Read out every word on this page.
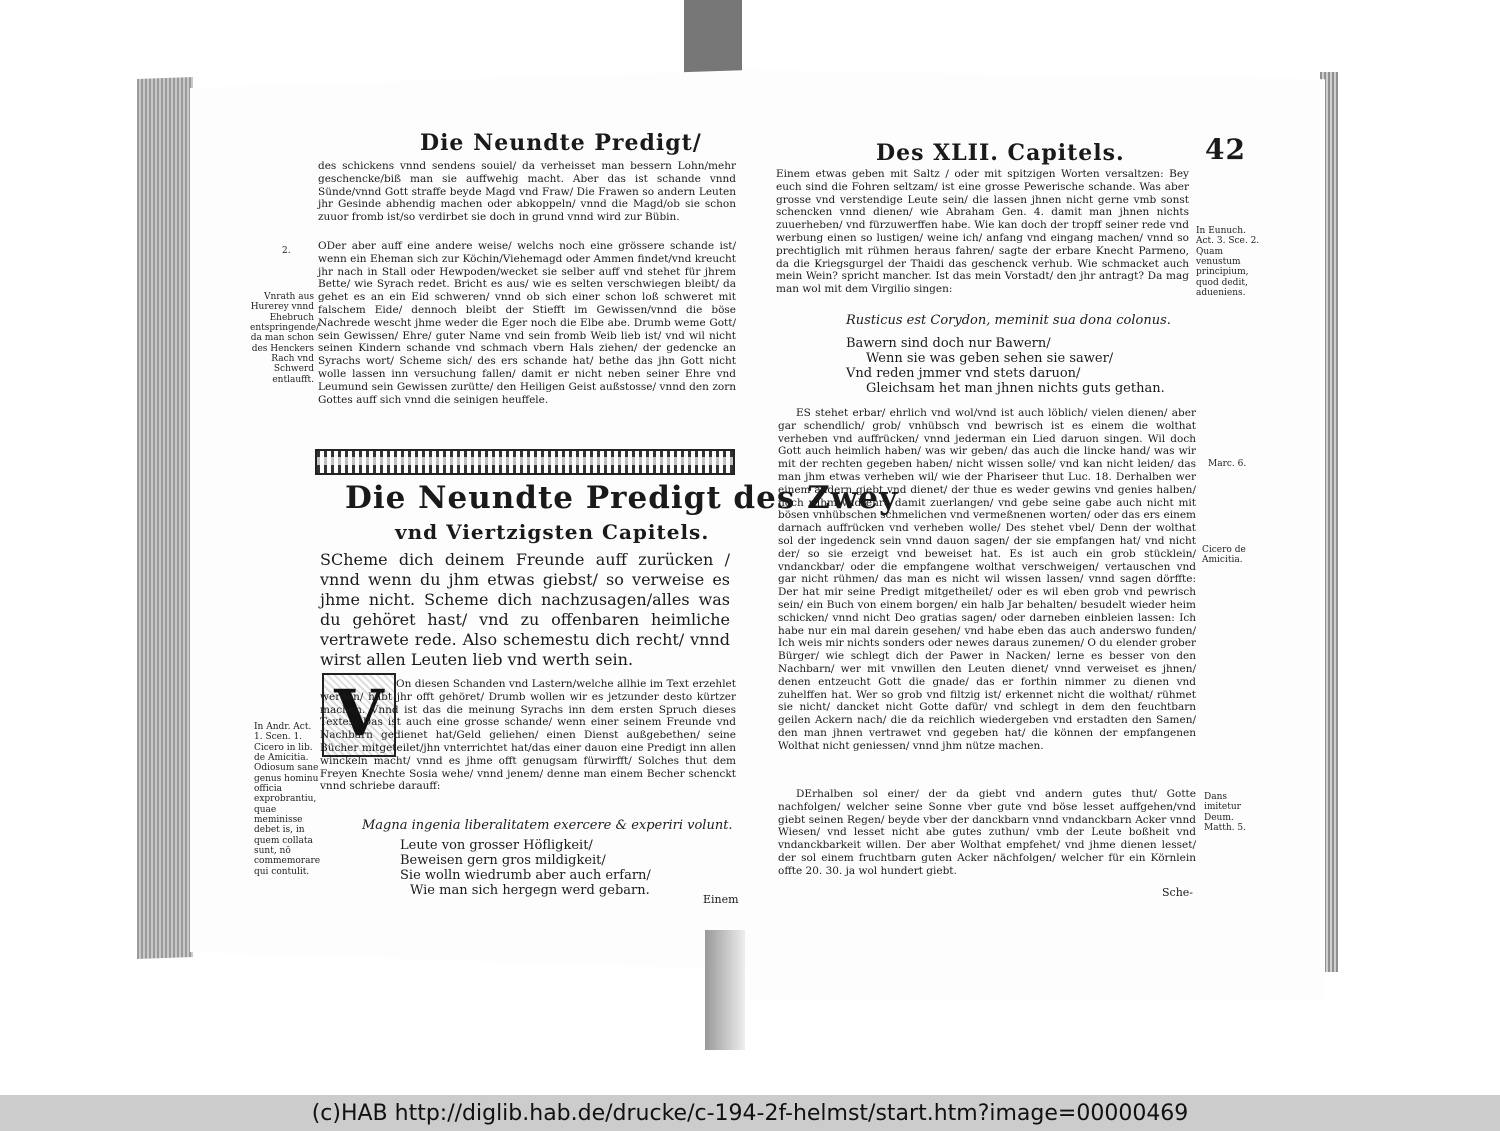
Die Neundte Predigt/
des schickens vnnd sendens souiel/ da verheisset man bessern Lohn/mehr geschencke/biß man sie auffwehig macht. Aber das ist schande vnnd Sünde/vnnd Gott straffe beyde Magd vnd Fraw/ Die Frawen so andern Leuten jhr Gesinde abhendig machen oder abkoppeln/ vnnd die Magd/ob sie schon zuuor fromb ist/so verdirbet sie doch in grund vnnd wird zur Bübin.
2.	ODer aber auff eine andere weise/ welchs noch eine grössere schande ist/ wenn ein Eheman sich zur Köchin/Viehemagd oder Ammen findet/vnd kreucht jhr nach in Stall oder Hewpoden/wecket sie selber auff vnd stehet für jhrem Bette/ wie Syrach redet. Bricht es aus/ wie es selten verschwiegen bleibt/ da gehet es an ein Eid schweren/ vnnd ob sich einer schon loß schweret mit falschem Eide/ dennoch bleibt der Stiefft im Gewissen/vnnd die böse Nachrede wescht jhme weder die Eger noch die Elbe abe. Drumb weme Gott/ sein Gewissen/ Ehre/ guter Name vnd sein fromb Weib lieb ist/ vnd wil nicht seinen Kindern schande vnd schmach vbern Hals ziehen/ der gedencke an Syrachs wort/ Scheme sich/ des ers schande hat/ bethe das jhn Gott nicht wolle lassen inn versuchung fallen/ damit er nicht neben seiner Ehre vnd Leumund sein Gewissen zurütte/ den Heiligen Geist außstosse/ vnnd den zorn Gottes auff sich vnnd die seinigen heuffele.
Vnrath aus Hurerey vnnd Ehebruch entspringende/ da man schon des Henckers Rach vnd Schwerd entlaufft.
Die Neundte Predigt des Zwey
vnd Viertzigsten Capitels.
SCheme dich deinem Freunde auff zurücken / vnnd wenn du jhm etwas giebst/ so verweise es jhme nicht. Scheme dich nachzusagen/alles was du gehöret hast/ vnd zu offenbaren heimliche vertrawete rede. Also schemestu dich recht/ vnnd wirst allen Leuten lieb vnd werth sein.
V	On diesen Schanden vnd Lastern/welche allhie im Text erzehlet werden/ habt jhr offt gehöret/ Drumb wollen wir es jetzunder desto kürtzer machen. Vnnd ist das die meinung Syrachs inn dem ersten Spruch dieses Textes: Das ist auch eine grosse schande/ wenn einer seinem Freunde vnd Nachbarn gedienet hat/Geld geliehen/ einen Dienst außgebethen/ seine Bücher mitgeteilet/jhn vnterrichtet hat/das einer dauon eine Predigt inn allen winckeln macht/ vnnd es jhme offt genugsam fürwirfft/ Solches thut dem Freyen Knechte Sosia wehe/ vnnd jenem/ denne man einem Becher schenckt vnnd schriebe darauff:
In Andr. Act. 1. Scen. 1. Cicero in lib. de Amicitia. Odiosum sane genus hominu officia exprobrantiu, quae meminisse debet is, in quem collata sunt, nō commemorare qui contulit.
Magna ingenia liberalitatem exercere & experiri volunt.
Leute von grosser Höfligkeit/
Beweisen gern gros mildigkeit/
Sie wolln wiedrumb aber auch erfarn/
Wie man sich hergegn werd gebarn.
Einem
Des XLII. Capitels.	42
Einem etwas geben mit Saltz / oder mit spitzigen Worten versaltzen: Bey euch sind die Fohren seltzam/ ist eine grosse Pewerische schande. Was aber grosse vnd verstendige Leute sein/ die lassen jhnen nicht gerne vmb sonst schencken vnnd dienen/ wie Abraham Gen. 4. damit man jhnen nichts zuuerheben/ vnd fürzuwerffen habe. Wie kan doch der tropff seiner rede vnd werbung einen so lustigen/ weine ich/ anfang vnd eingang machen/ vnnd so prechtiglich mit rühmen heraus fahren/ sagte der erbare Knecht Parmeno, da die Kriegsgurgel der Thaidi das geschenck verhub. Wie schmacket auch mein Wein? spricht mancher. Ist das mein Vorstadt/ den jhr antragt? Da mag man wol mit dem Virgilio singen:
In Eunuch. Act. 3. Sce. 2. Quam venustum principium, quod dedit, adueniens.
Rusticus est Corydon, meminit sua dona colonus.
Bawern sind doch nur Bawern/
Wenn sie was geben sehen sie sawer/
Vnd reden jmmer vnd stets daruon/
Gleichsam het man jhnen nichts guts gethan.
ES stehet erbar/ ehrlich vnd wol/vnd ist auch löblich/ vielen dienen/ aber gar schendlich/ grob/ vnhübsch vnd bewrisch ist es einem die wolthat verheben vnd auffrücken/ vnnd jederman ein Lied daruon singen. Wil doch Gott auch heimlich haben/ was wir geben/ das auch die lincke hand/ was wir mit der rechten gegeben haben/ nicht wissen solle/ vnd kan nicht leiden/ das man jhm etwas verheben wil/ wie der Phariseer thut Luc. 18. Derhalben wer einem andern giebt vnd dienet/ der thue es weder gewins vnd genies halben/ noch ruhm vnd ehre damit zuerlangen/ vnd gebe seine gabe auch nicht mit bösen vnhübschen schmelichen vnd vermeßnenen worten/ oder das ers einem darnach auffrücken vnd verheben wolle/ Des stehet vbel/ Denn der wolthat sol der ingedenck sein vnnd dauon sagen/ der sie empfangen hat/ vnd nicht der/ so sie erzeigt vnd beweiset hat. Es ist auch ein grob stücklein/ vndanckbar/ oder die empfangene wolthat verschweigen/ vertauschen vnd gar nicht rühmen/ das man es nicht wil wissen lassen/ vnnd sagen dörffte: Der hat mir seine Predigt mitgetheilet/ oder es wil eben grob vnd pewrisch sein/ ein Buch von einem borgen/ ein halb Jar behalten/ besudelt wieder heim schicken/ vnnd nicht Deo gratias sagen/ oder darneben einbleien lassen: Ich habe nur ein mal darein gesehen/ vnd habe eben das auch anderswo funden/ Ich weis mir nichts sonders oder newes daraus zunemen/ O du elender grober Bürger/ wie schlegt dich der Pawer in Nacken/ lerne es besser von den Nachbarn/ wer mit vnwillen den Leuten dienet/ vnnd verweiset es jhnen/ denen entzeucht Gott die gnade/ das er forthin nimmer zu dienen vnd zuhelffen hat. Wer so grob vnd filtzig ist/ erkennet nicht die wolthat/ rühmet sie nicht/ dancket nicht Gotte dafür/ vnd schlegt in dem den feuchtbarn geilen Ackern nach/ die da reichlich wiedergeben vnd erstadten den Samen/ den man jhnen vertrawet vnd gegeben hat/ die können der empfangenen Wolthat nicht geniessen/ vnnd jhm nütze machen.
Marc. 6.
Cicero de Amicitia.
DErhalben sol einer/ der da giebt vnd andern gutes thut/ Gotte nachfolgen/ welcher seine Sonne vber gute vnd böse lesset auffgehen/vnd giebt seinen Regen/ beyde vber der danckbarn vnnd vndanckbarn Acker vnnd Wiesen/ vnd lesset nicht abe gutes zuthun/ vmb der Leute boßheit vnd vndanckbarkeit willen. Der aber Wolthat empfehet/ vnd jhme dienen lesset/ der sol einem fruchtbarn guten Acker nächfolgen/ welcher für ein Körnlein offte 20. 30. ja wol hundert giebt.
Dans imitetur Deum. Matth. 5.
Sche-
(c)HAB http://diglib.hab.de/drucke/c-194-2f-helmst/start.htm?image=00000469
